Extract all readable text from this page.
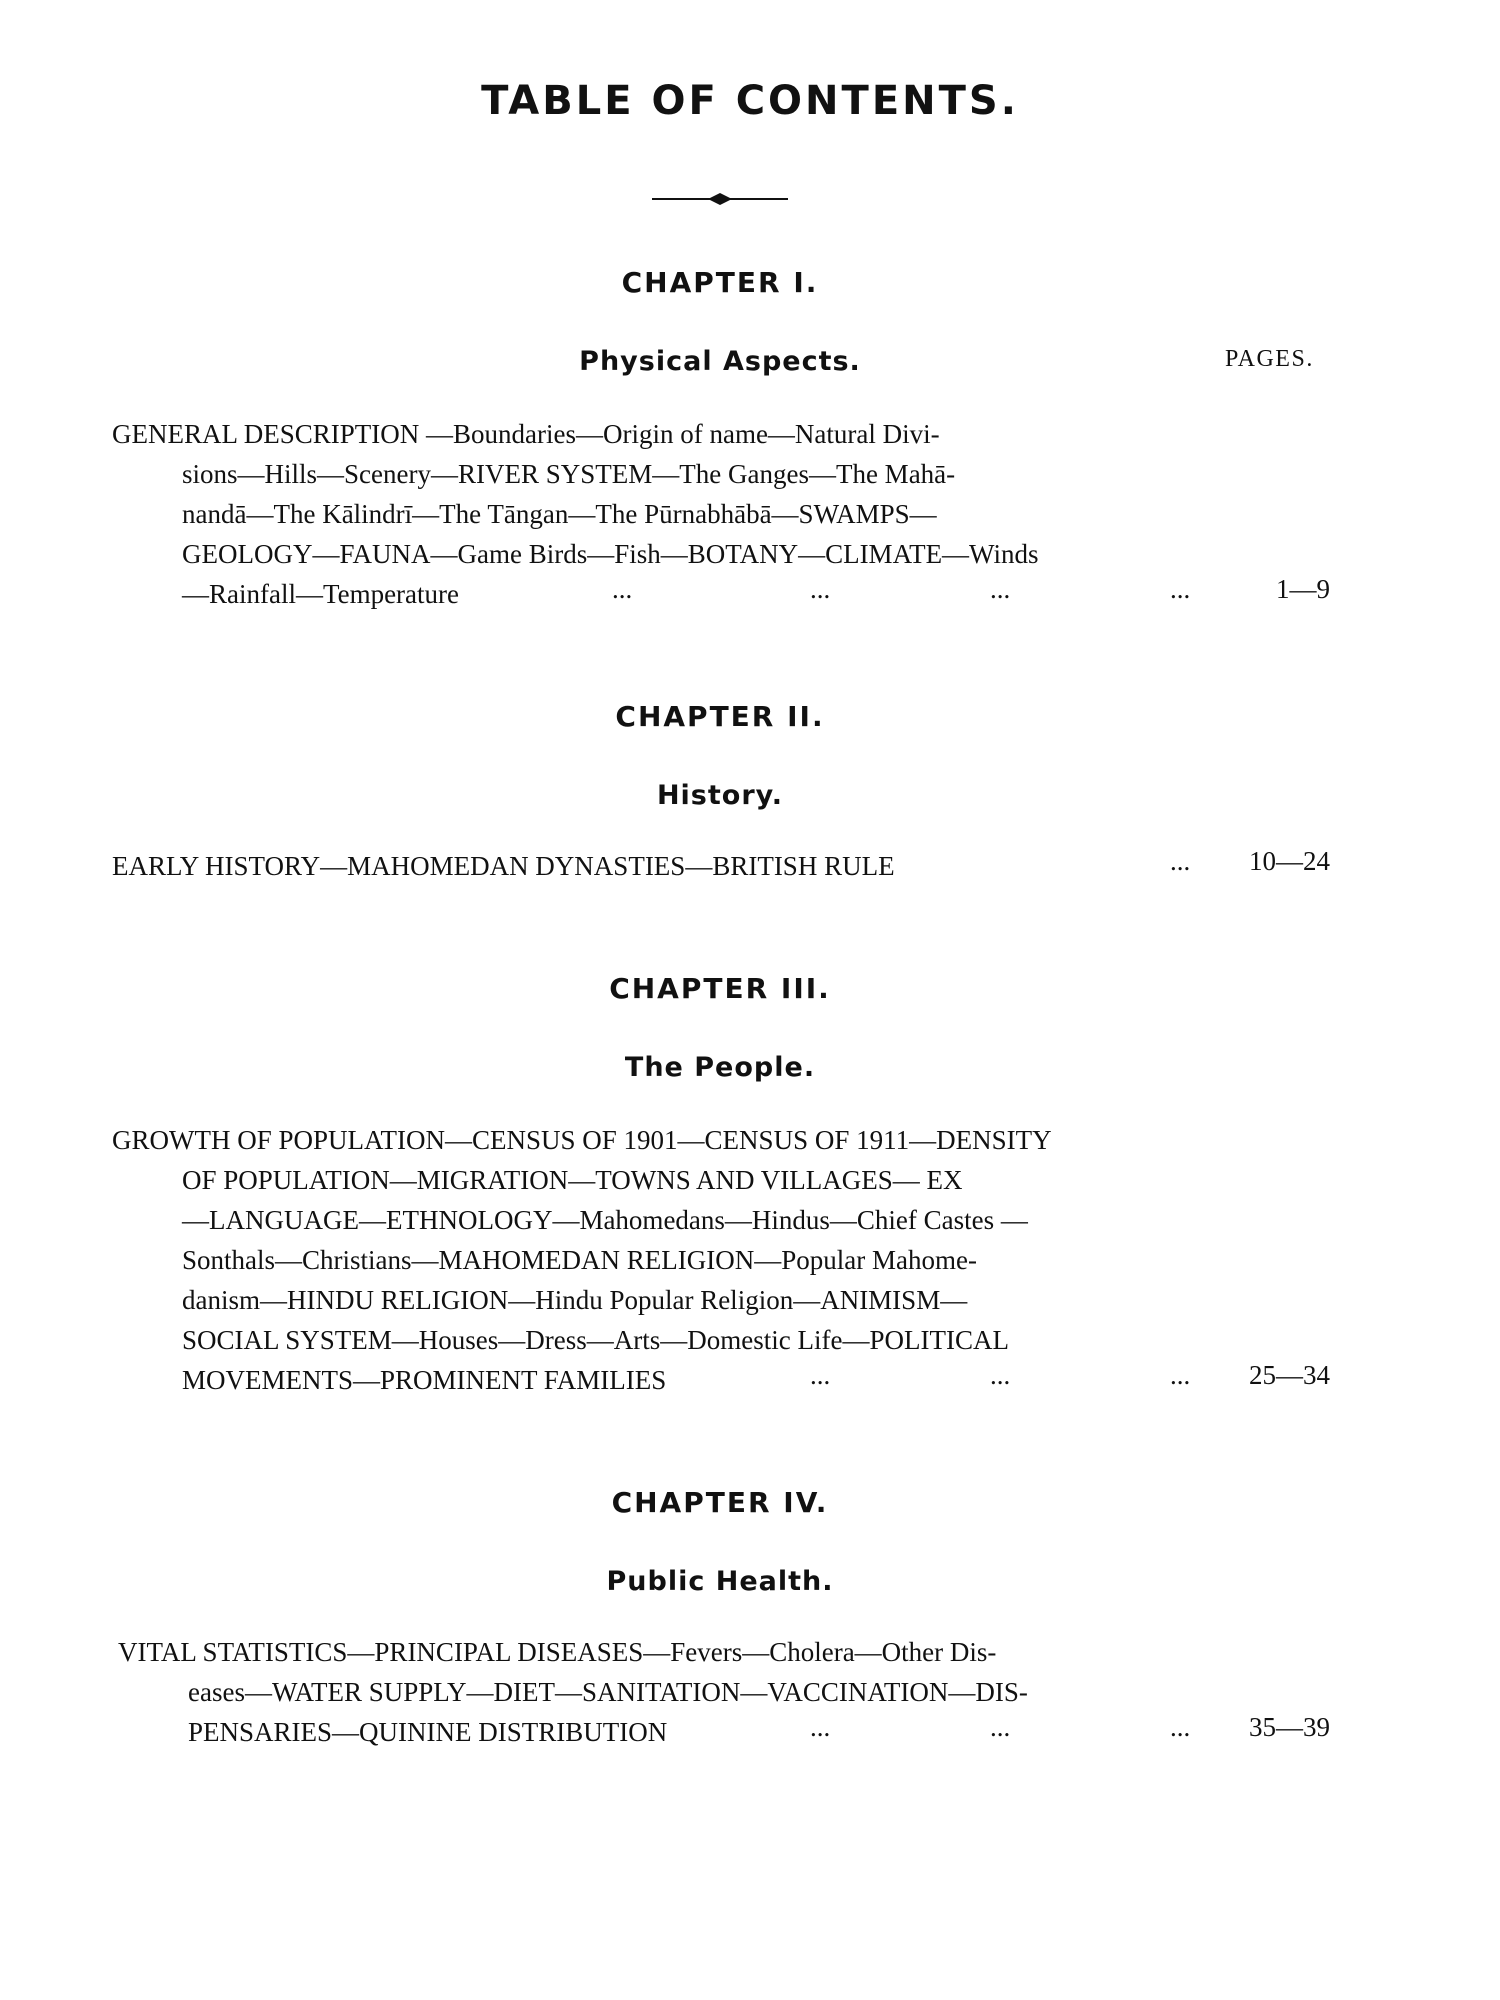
TABLE OF CONTENTS.
CHAPTER I.
Physical Aspects.	PAGES.
GENERAL DESCRIPTION —Boundaries—Origin of name—Natural Divi-
sions—Hills—Scenery—RIVER SYSTEM—The Ganges—The Mahā-
nandā—The Kālindrī—The Tāngan—The Pūrnabhābā—SWAMPS—
GEOLOGY—FAUNA—Game Birds—Fish—BOTANY—CLIMATE—Winds
—Rainfall—Temperature	...	...	...	...	1—9
CHAPTER II.
History.
EARLY HISTORY—MAHOMEDAN DYNASTIES—BRITISH RULE	...	10—24
CHAPTER III.
The People.
GROWTH OF POPULATION—CENSUS OF 1901—CENSUS OF 1911—DENSITY
OF POPULATION—MIGRATION—TOWNS AND VILLAGES— EX
—LANGUAGE—ETHNOLOGY—Mahomedans—Hindus—Chief Castes —
Sonthals—Christians—MAHOMEDAN RELIGION—Popular Mahome-
danism—HINDU RELIGION—Hindu Popular Religion—ANIMISM—
SOCIAL SYSTEM—Houses—Dress—Arts—Domestic Life—POLITICAL
MOVEMENTS—PROMINENT FAMILIES	...	...	...	25—34
CHAPTER IV.
Public Health.
VITAL STATISTICS—PRINCIPAL DISEASES—Fevers—Cholera—Other Dis-
eases—WATER SUPPLY—DIET—SANITATION—VACCINATION—DIS-
PENSARIES—QUININE DISTRIBUTION	...	...	...	35—39
